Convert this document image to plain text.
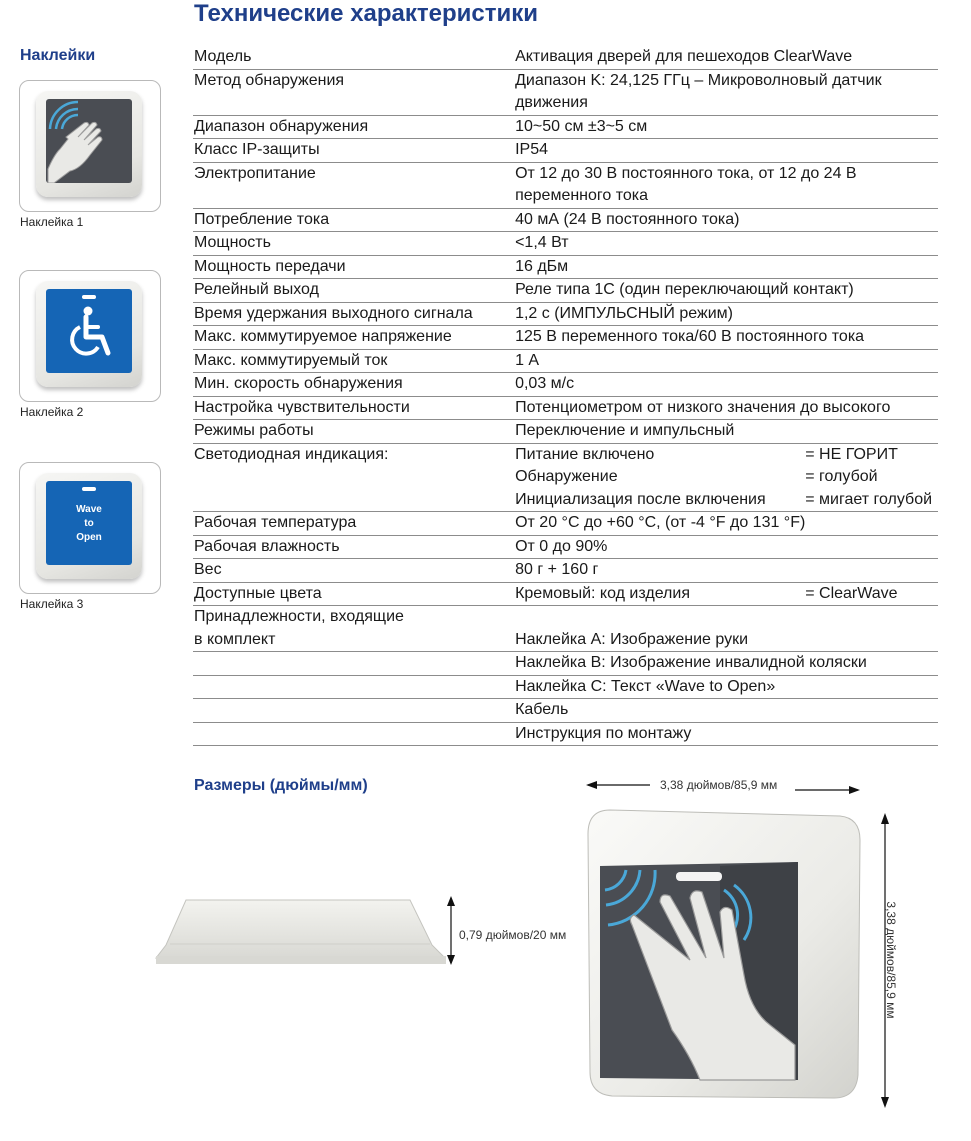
Технические характеристики
Наклейки
Наклейка 1
Наклейка 2
Wave
to
Open
Наклейка 3
Модель	Активация дверей для пешеходов ClearWave	
Метод обнаружения	Диапазон K: 24,125 ГГц – Микроволновый датчик движения	
Диапазон обнаружения	10~50 см ±3~5 см	
Класс IP-защиты	IP54	
Электропитание	От 12 до 30 В постоянного тока, от 12 до 24 В переменного тока	
Потребление тока	40 мА (24 В постоянного тока)	
Мощность	<1,4 Вт	
Мощность передачи	16 дБм	
Релейный выход	Реле типа 1C (один переключающий контакт)	
Время удержания выходного сигнала	1,2 с (ИМПУЛЬСНЫЙ режим)	
Макс. коммутируемое напряжение	125 В переменного тока/60 В постоянного тока	
Макс. коммутируемый ток	1 А	
Мин. скорость обнаружения	0,03 м/с	
Настройка чувствительности	Потенциометром от низкого значения до высокого	
Режимы работы	Переключение и импульсный	
Светодиодная индикация:	Питание включено	= НЕ ГОРИТ
	Обнаружение	= голубой
	Инициализация после включения	= мигает голубой
Рабочая температура	От 20 °C до +60 °C, (от -4 °F до 131 °F)	
Рабочая влажность	От 0 до 90%	
Вес	80 г + 160 г	
Доступные цвета	Кремовый: код изделия	= ClearWave
Принадлежности, входящие		
в комплект	Наклейка A: Изображение руки	
	Наклейка B: Изображение инвалидной коляски	
	Наклейка C: Текст «Wave to Open»	
	Кабель	
	Инструкция по монтажу	
Размеры (дюймы/мм)	3,38 дюймов/85,9 мм
0,79 дюймов/20 мм	3,38 дюймов/85,9 мм
